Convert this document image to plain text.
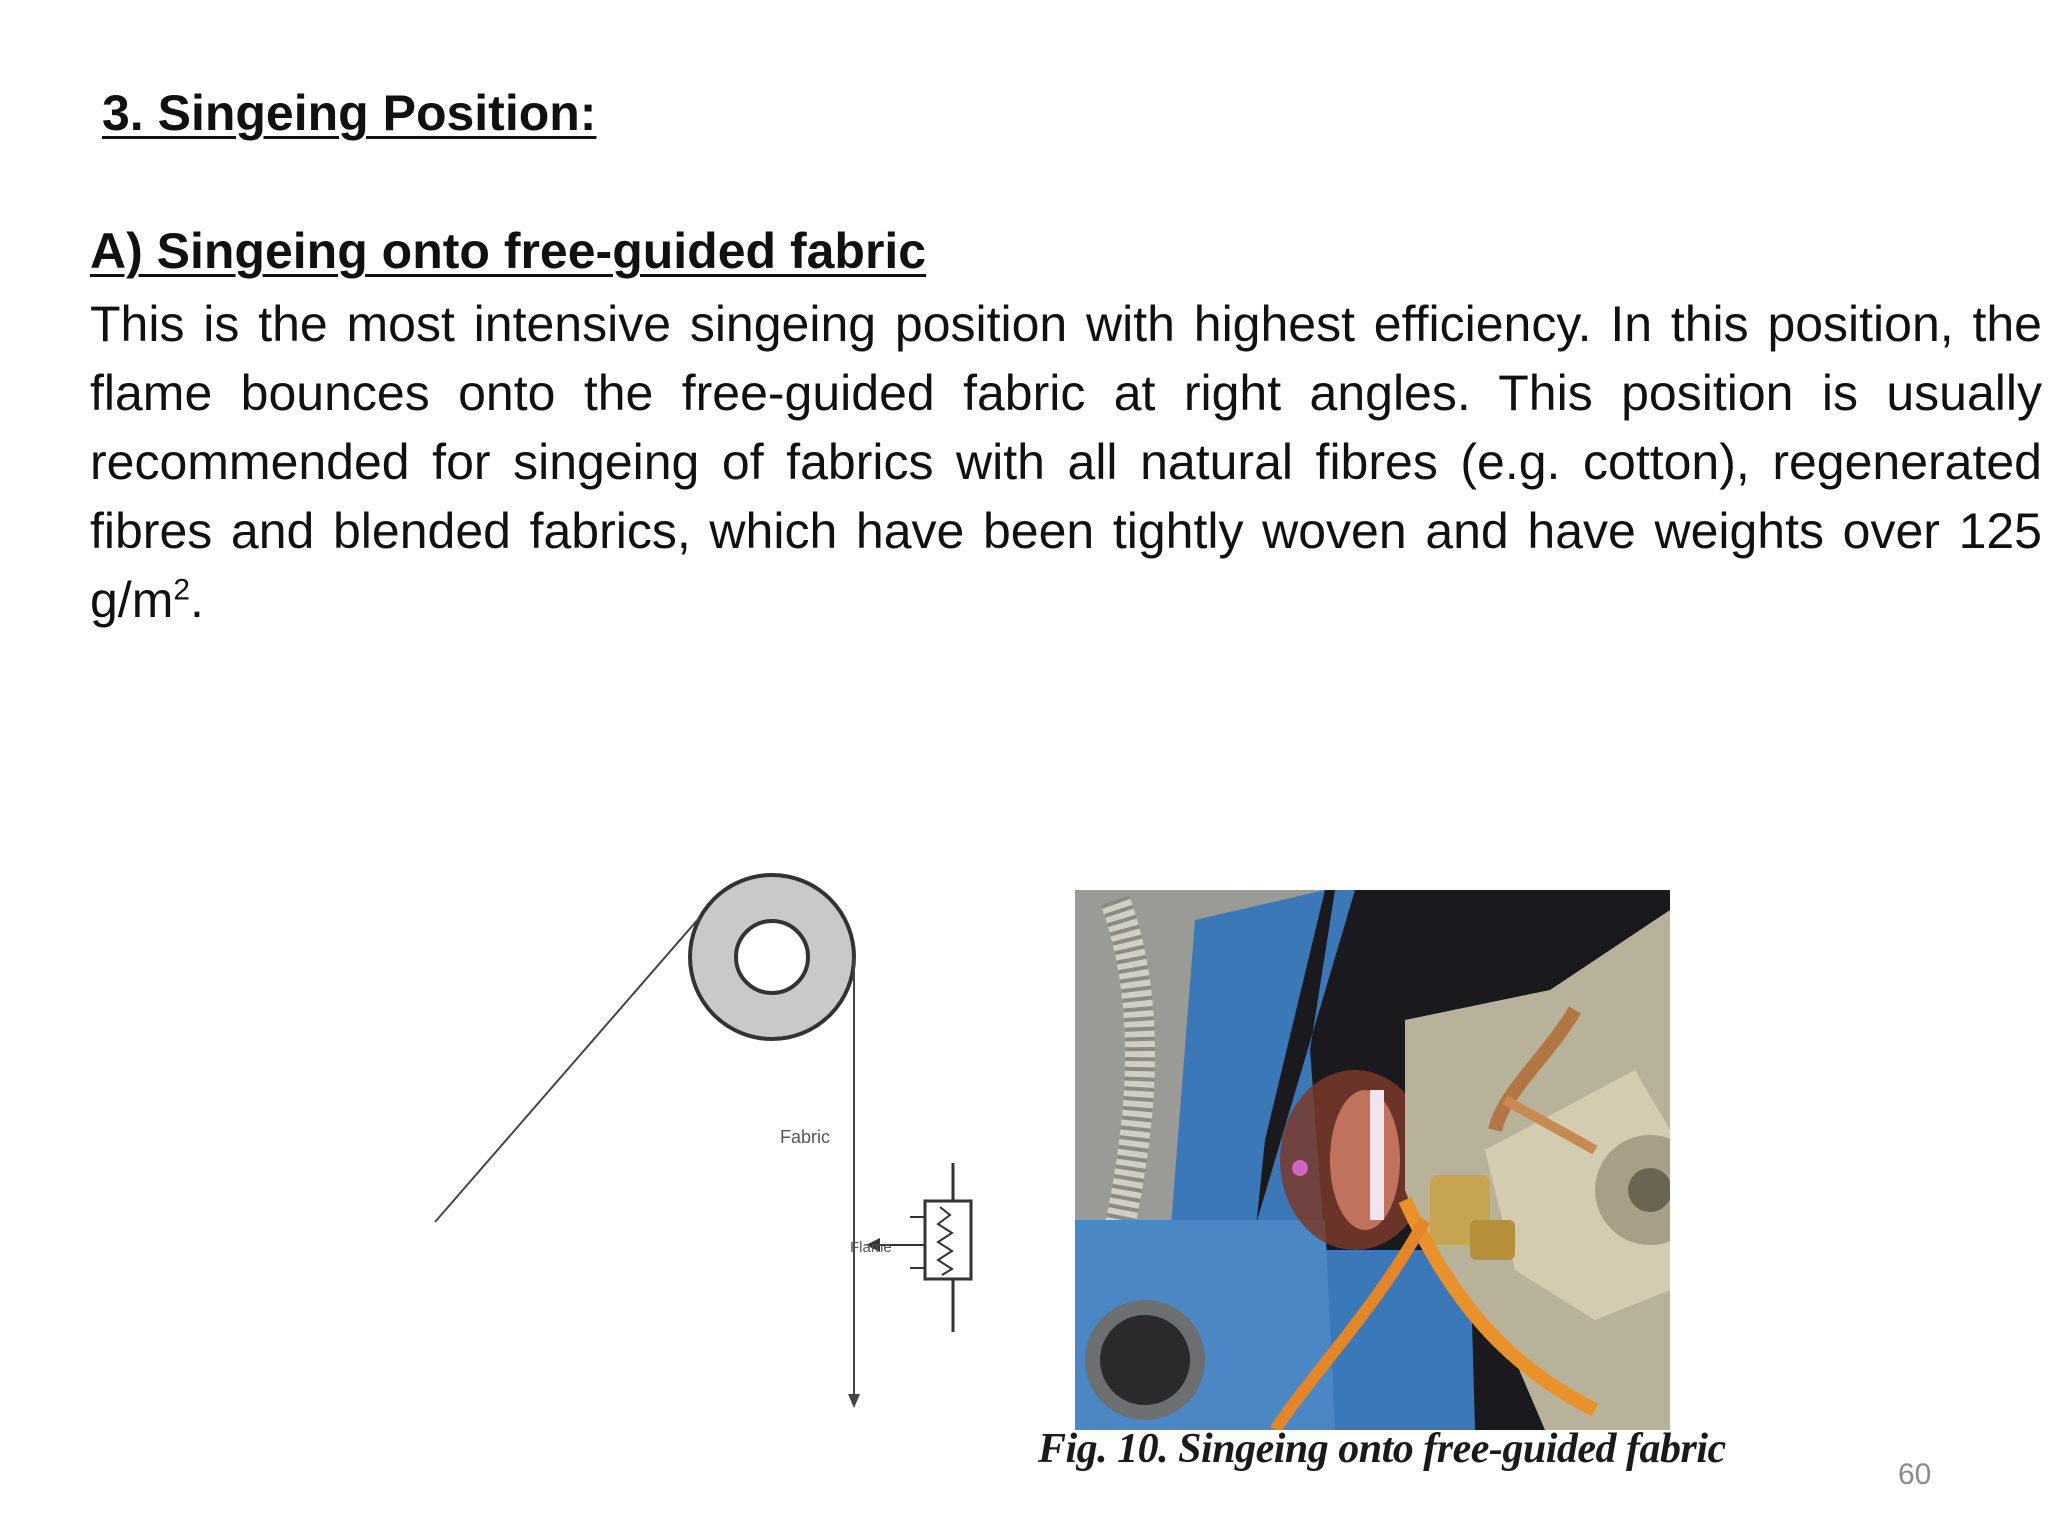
3. Singeing Position:
A) Singeing onto free-guided fabric
This is the most intensive singeing position with highest efficiency. In this position, the flame bounces onto the free-guided fabric at right angles. This position is usually recommended for singeing of fabrics with all natural fibres (e.g. cotton), regenerated fibres and blended fabrics, which have been tightly woven and have weights over 125 $g/m^2$.
Fabric
Flame
Fig. 10. Singeing onto free-guided fabric
60
